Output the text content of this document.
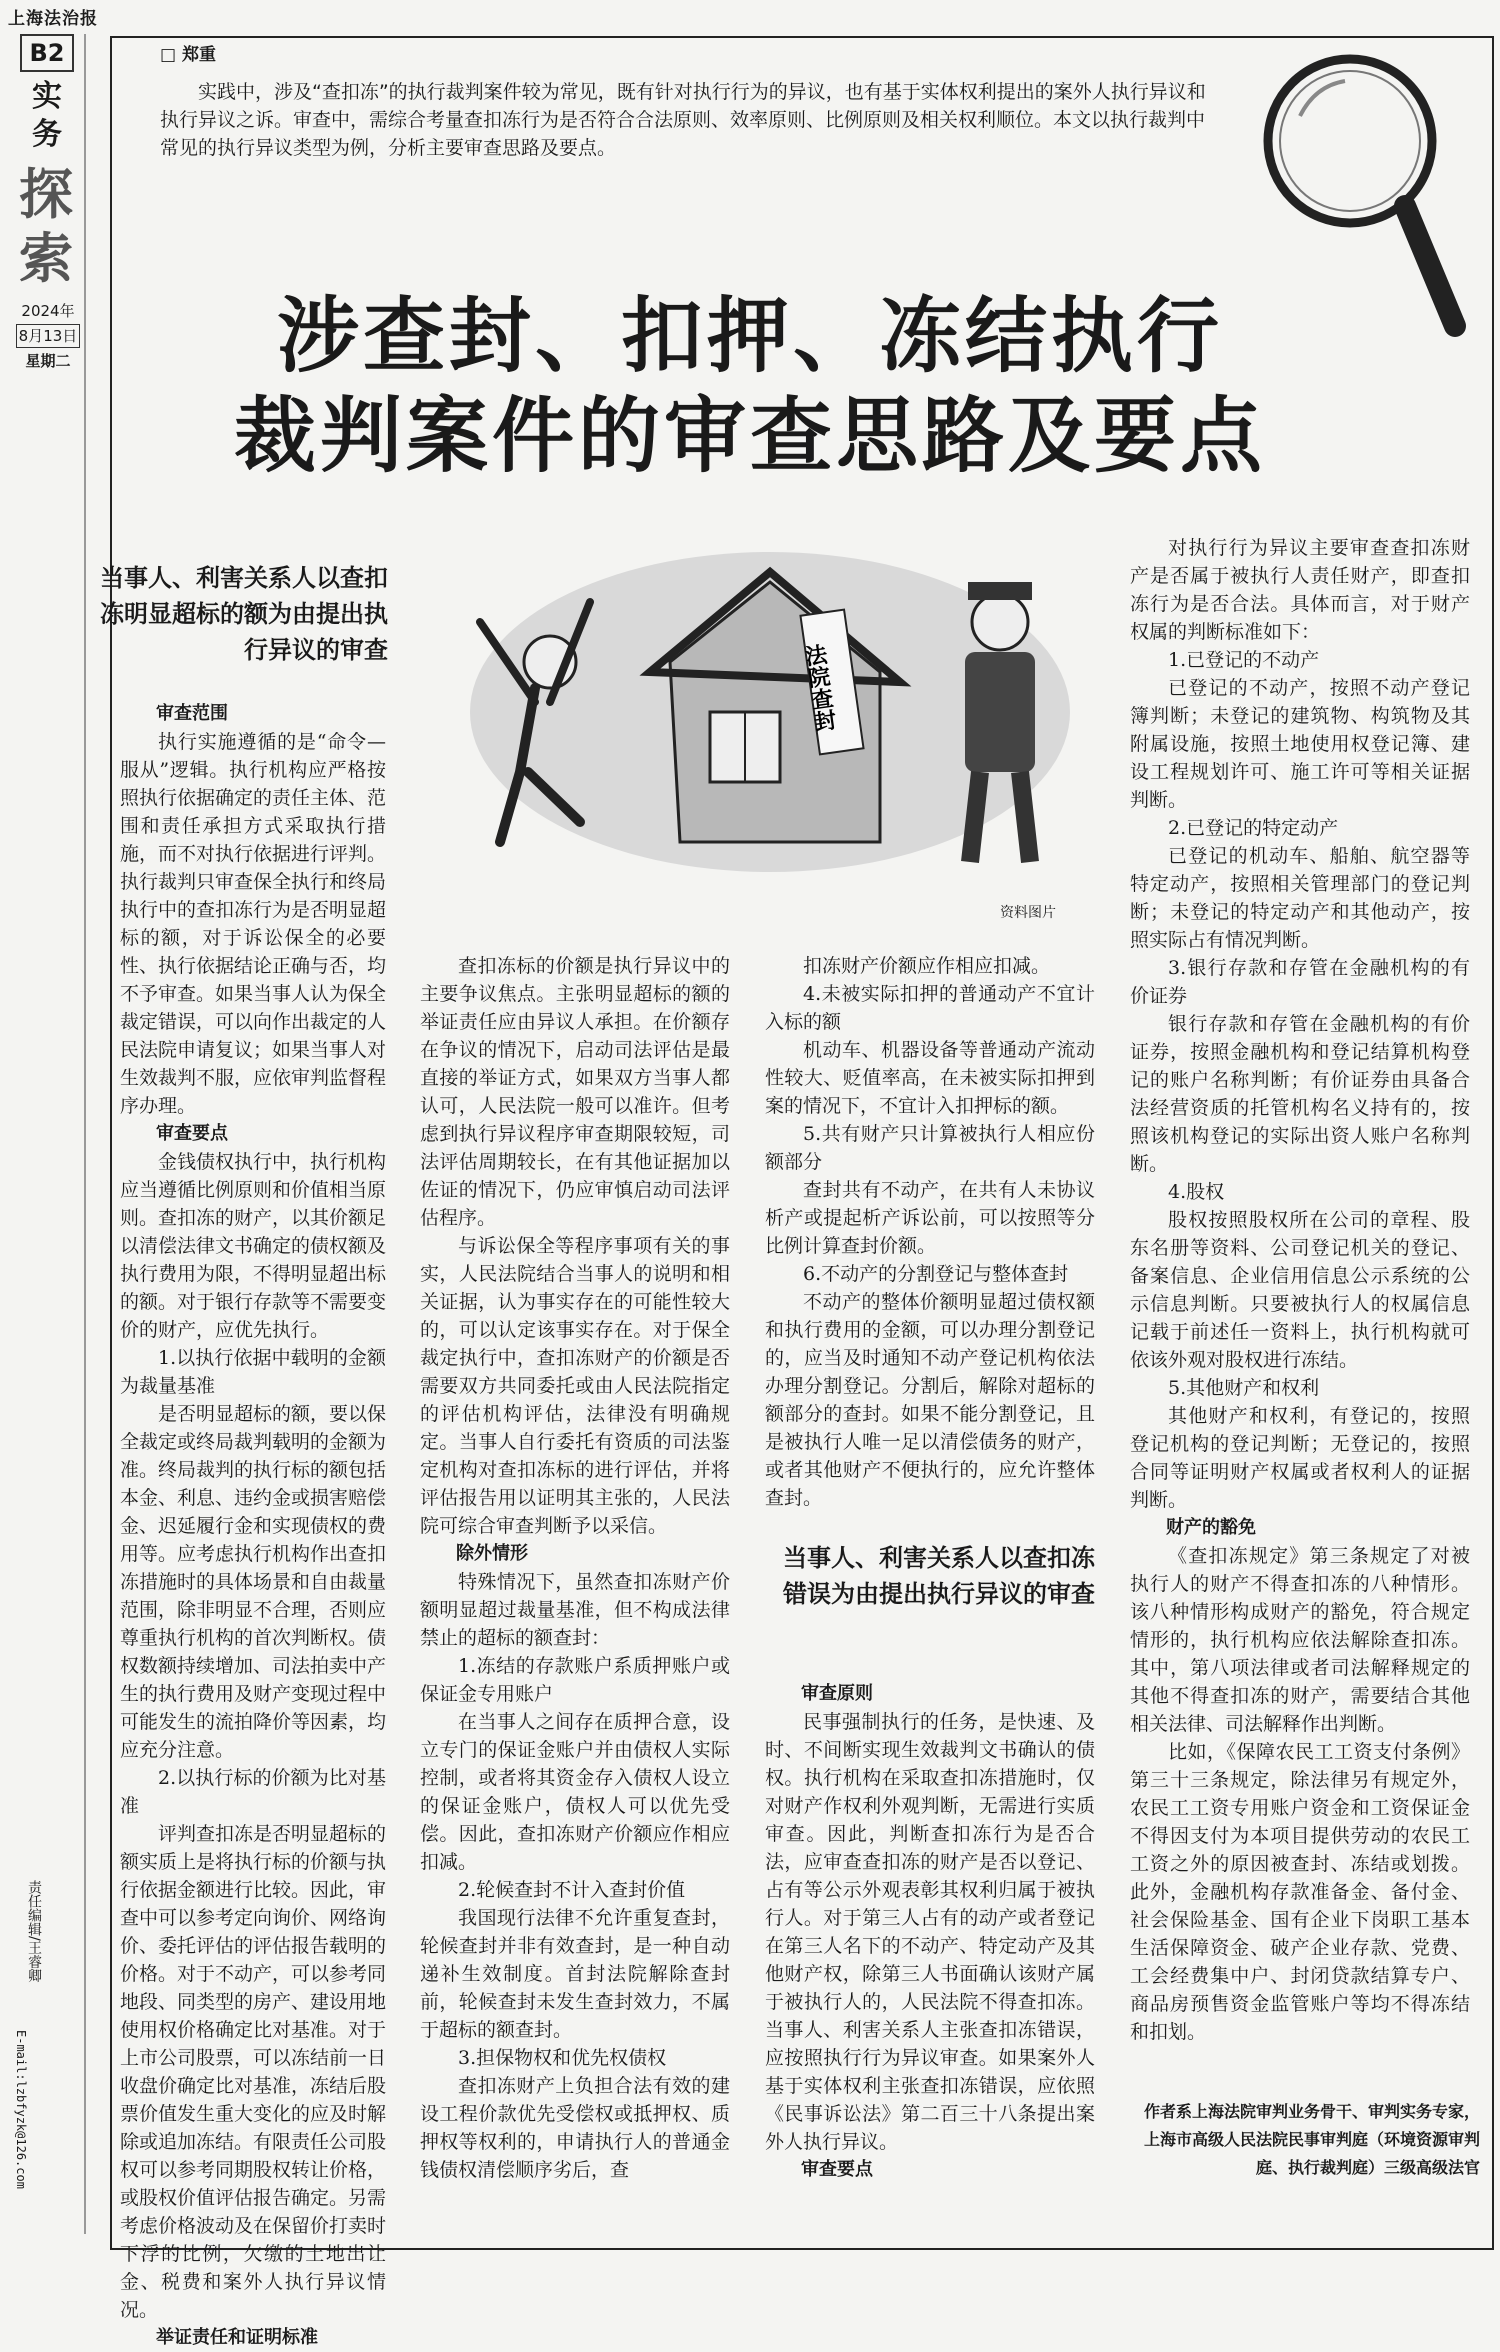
上海法治报
B2
实
务
探
索
2024年
8月13日
星期二
责任编辑/王睿卿
E-mail:lzbfyzk@126.com
□ 郑重
实践中，涉及“查扣冻”的执行裁判案件较为常见，既有针对执行行为的异议，也有基于实体权利提出的案外人执行异议和执行异议之诉。审查中，需综合考量查扣冻行为是否符合合法原则、效率原则、比例原则及相关权利顺位。本文以执行裁判中常见的执行异议类型为例，分析主要审查思路及要点。
涉查封、扣押、冻结执行
裁判案件的审查思路及要点
法院查封
资料图片
当事人、利害关系人以查扣冻明显超标的额为由提出执行异议的审查
审查范围

执行实施遵循的是“命令—服从”逻辑。执行机构应严格按照执行依据确定的责任主体、范围和责任承担方式采取执行措施，而不对执行依据进行评判。执行裁判只审查保全执行和终局执行中的查扣冻行为是否明显超标的额，对于诉讼保全的必要性、执行依据结论正确与否，均不予审查。如果当事人认为保全裁定错误，可以向作出裁定的人民法院申请复议；如果当事人对生效裁判不服，应依审判监督程序办理。

审查要点

金钱债权执行中，执行机构应当遵循比例原则和价值相当原则。查扣冻的财产，以其价额足以清偿法律文书确定的债权额及执行费用为限，不得明显超出标的额。对于银行存款等不需要变价的财产，应优先执行。

1.以执行依据中载明的金额为裁量基准

是否明显超标的额，要以保全裁定或终局裁判载明的金额为准。终局裁判的执行标的额包括本金、利息、违约金或损害赔偿金、迟延履行金和实现债权的费用等。应考虑执行机构作出查扣冻措施时的具体场景和自由裁量范围，除非明显不合理，否则应尊重执行机构的首次判断权。债权数额持续增加、司法拍卖中产生的执行费用及财产变现过程中可能发生的流拍降价等因素，均应充分注意。

2.以执行标的价额为比对基准

评判查扣冻是否明显超标的额实质上是将执行标的价额与执行依据金额进行比较。因此，审查中可以参考定向询价、网络询价、委托评估的评估报告载明的价格。对于不动产，可以参考同地段、同类型的房产、建设用地使用权价格确定比对基准。对于上市公司股票，可以冻结前一日收盘价确定比对基准，冻结后股票价值发生重大变化的应及时解除或追加冻结。有限责任公司股权可以参考同期股权转让价格，或股权价值评估报告确定。另需考虑价格波动及在保留价打卖时下浮的比例，欠缴的土地出让金、税费和案外人执行异议情况。

举证责任和证明标准

查扣冻标的价额是执行异议中的主要争议焦点。主张明显超标的额的举证责任应由异议人承担。在价额存在争议的情况下，启动司法评估是最直接的举证方式，如果双方当事人都认可，人民法院一般可以准许。但考虑到执行异议程序审查期限较短，司法评估周期较长，在有其他证据加以佐证的情况下，仍应审慎启动司法评估程序。

与诉讼保全等程序事项有关的事实，人民法院结合当事人的说明和相关证据，认为事实存在的可能性较大的，可以认定该事实存在。对于保全裁定执行中，查扣冻财产的价额是否需要双方共同委托或由人民法院指定的评估机构评估，法律没有明确规定。当事人自行委托有资质的司法鉴定机构对查扣冻标的进行评估，并将评估报告用以证明其主张的，人民法院可综合审查判断予以采信。

除外情形

特殊情况下，虽然查扣冻财产价额明显超过裁量基准，但不构成法律禁止的超标的额查封：

1.冻结的存款账户系质押账户或保证金专用账户

在当事人之间存在质押合意，设立专门的保证金账户并由债权人实际控制，或者将其资金存入债权人设立的保证金账户，债权人可以优先受偿。因此，查扣冻财产价额应作相应扣减。

2.轮候查封不计入查封价值

我国现行法律不允许重复查封，轮候查封并非有效查封，是一种自动递补生效制度。首封法院解除查封前，轮候查封未发生查封效力，不属于超标的额查封。

3.担保物权和优先权债权

查扣冻财产上负担合法有效的建设工程价款优先受偿权或抵押权、质押权等权利的，申请执行人的普通金钱债权清偿顺序劣后，查

扣冻财产价额应作相应扣减。

4.未被实际扣押的普通动产不宜计入标的额

机动车、机器设备等普通动产流动性较大、贬值率高，在未被实际扣押到案的情况下，不宜计入扣押标的额。

5.共有财产只计算被执行人相应份额部分

查封共有不动产，在共有人未协议析产或提起析产诉讼前，可以按照等分比例计算查封价额。

6.不动产的分割登记与整体查封

不动产的整体价额明显超过债权额和执行费用的金额，可以办理分割登记的，应当及时通知不动产登记机构依法办理分割登记。分割后，解除对超标的额部分的查封。如果不能分割登记，且是被执行人唯一足以清偿债务的财产，或者其他财产不便执行的，应允许整体查封。

当事人、利害关系人以查扣冻错误为由提出执行异议的审查
审查原则

民事强制执行的任务，是快速、及时、不间断实现生效裁判文书确认的债权。执行机构在采取查扣冻措施时，仅对财产作权利外观判断，无需进行实质审查。因此，判断查扣冻行为是否合法，应审查查扣冻的财产是否以登记、占有等公示外观表彰其权利归属于被执行人。对于第三人占有的动产或者登记在第三人名下的不动产、特定动产及其他财产权，除第三人书面确认该财产属于被执行人的，人民法院不得查扣冻。当事人、利害关系人主张查扣冻错误，应按照执行行为异议审查。如果案外人基于实体权利主张查扣冻错误，应依照《民事诉讼法》第二百三十八条提出案外人执行异议。

审查要点

对执行行为异议主要审查查扣冻财产是否属于被执行人责任财产，即查扣冻行为是否合法。具体而言，对于财产权属的判断标准如下：

1.已登记的不动产

已登记的不动产，按照不动产登记簿判断；未登记的建筑物、构筑物及其附属设施，按照土地使用权登记簿、建设工程规划许可、施工许可等相关证据判断。

2.已登记的特定动产

已登记的机动车、船舶、航空器等特定动产，按照相关管理部门的登记判断；未登记的特定动产和其他动产，按照实际占有情况判断。

3.银行存款和存管在金融机构的有价证券

银行存款和存管在金融机构的有价证券，按照金融机构和登记结算机构登记的账户名称判断；有价证券由具备合法经营资质的托管机构名义持有的，按照该机构登记的实际出资人账户名称判断。

4.股权

股权按照股权所在公司的章程、股东名册等资料、公司登记机关的登记、备案信息、企业信用信息公示系统的公示信息判断。只要被执行人的权属信息记载于前述任一资料上，执行机构就可依该外观对股权进行冻结。

5.其他财产和权利

其他财产和权利，有登记的，按照登记机构的登记判断；无登记的，按照合同等证明财产权属或者权利人的证据判断。

财产的豁免

《查扣冻规定》第三条规定了对被执行人的财产不得查扣冻的八种情形。该八种情形构成财产的豁免，符合规定情形的，执行机构应依法解除查扣冻。其中，第八项法律或者司法解释规定的其他不得查扣冻的财产，需要结合其他相关法律、司法解释作出判断。

比如，《保障农民工工资支付条例》第三十三条规定，除法律另有规定外，农民工工资专用账户资金和工资保证金不得因支付为本项目提供劳动的农民工工资之外的原因被查封、冻结或划拨。此外，金融机构存款准备金、备付金、社会保险基金、国有企业下岗职工基本生活保障资金、破产企业存款、党费、工会经费集中户、封闭贷款结算专户、商品房预售资金监管账户等均不得冻结和扣划。

作者系上海法院审判业务骨干、审判实务专家，上海市高级人民法院民事审判庭（环境资源审判庭、执行裁判庭）三级高级法官
